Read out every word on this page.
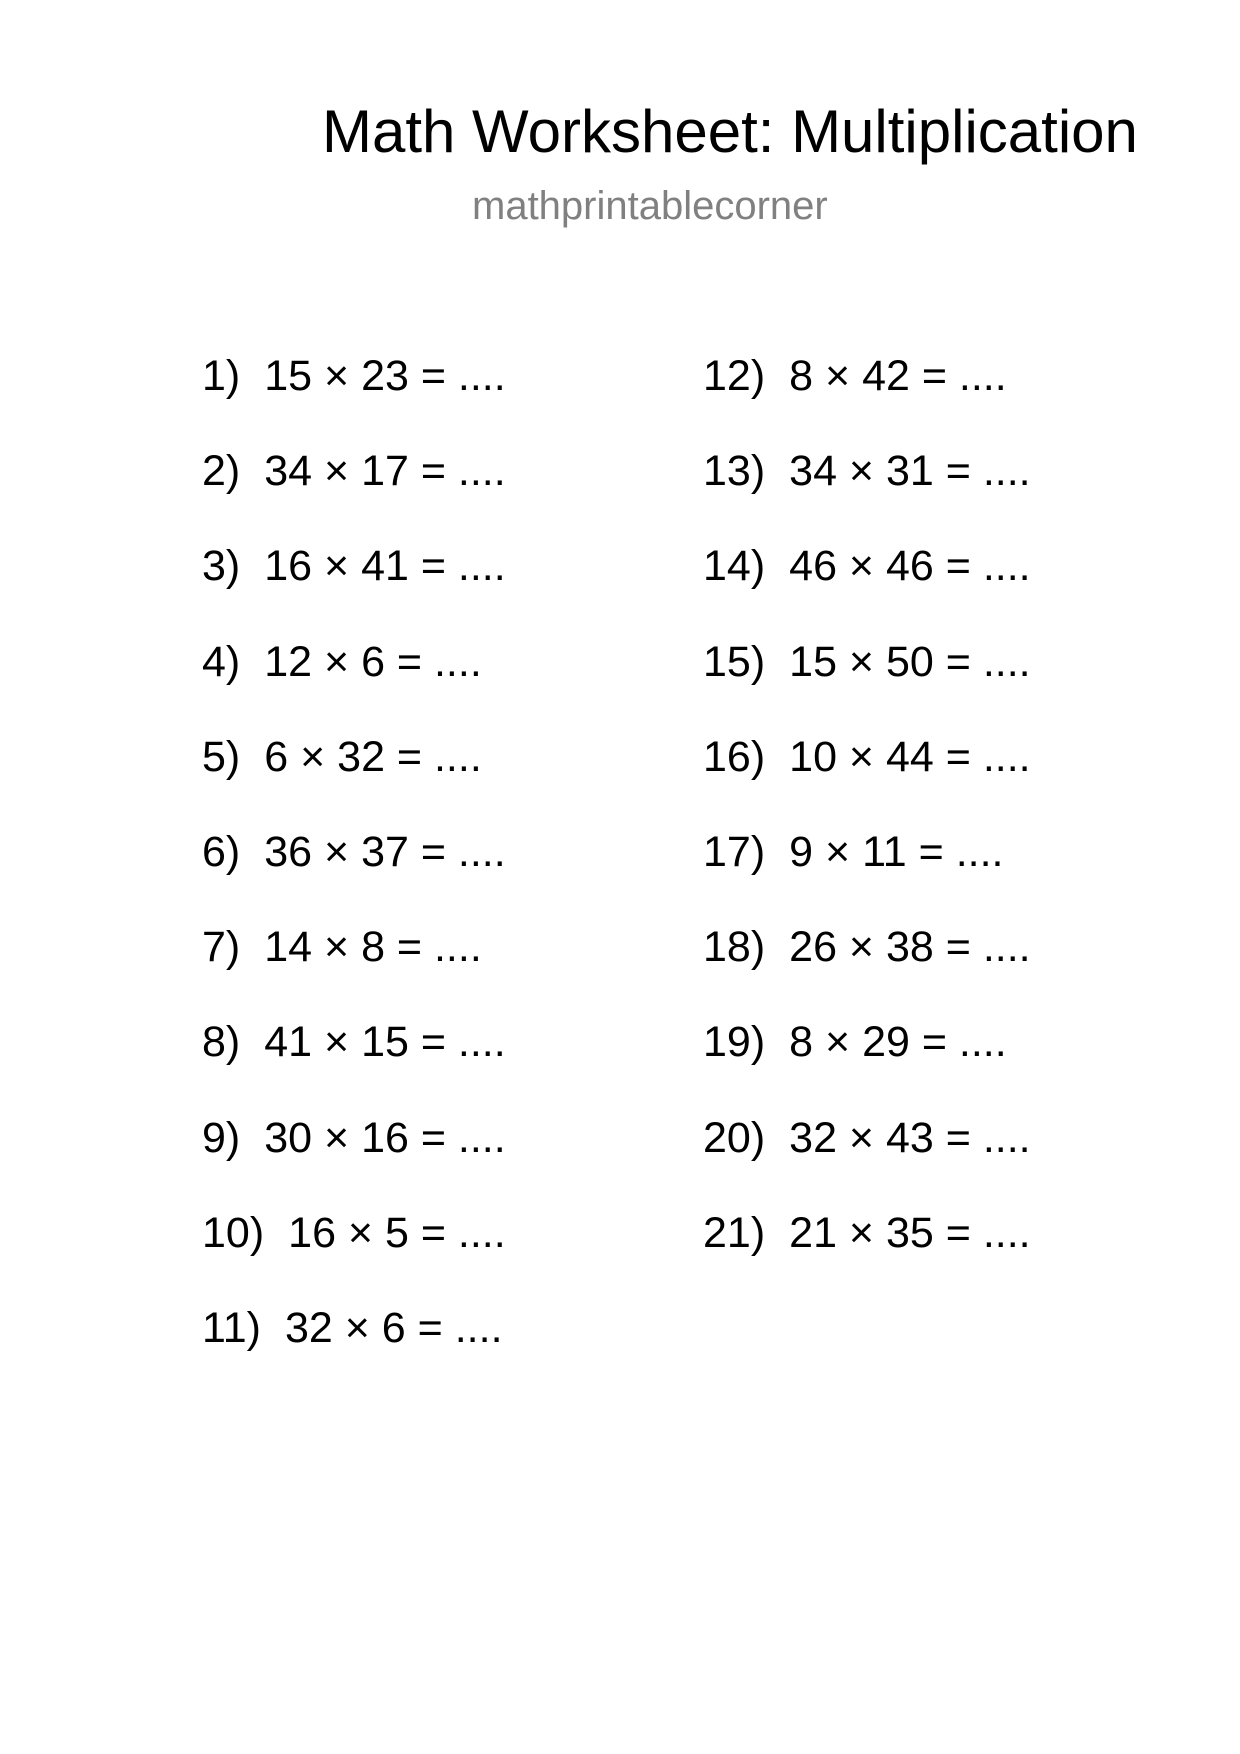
Math Worksheet: Multiplication
mathprintablecorner
1) 15 × 23 = ....
2) 34 × 17 = ....
3) 16 × 41 = ....
4) 12 × 6 = ....
5) 6 × 32 = ....
6) 36 × 37 = ....
7) 14 × 8 = ....
8) 41 × 15 = ....
9) 30 × 16 = ....
10) 16 × 5 = ....
11) 32 × 6 = ....
12) 8 × 42 = ....
13) 34 × 31 = ....
14) 46 × 46 = ....
15) 15 × 50 = ....
16) 10 × 44 = ....
17) 9 × 11 = ....
18) 26 × 38 = ....
19) 8 × 29 = ....
20) 32 × 43 = ....
21) 21 × 35 = ....
